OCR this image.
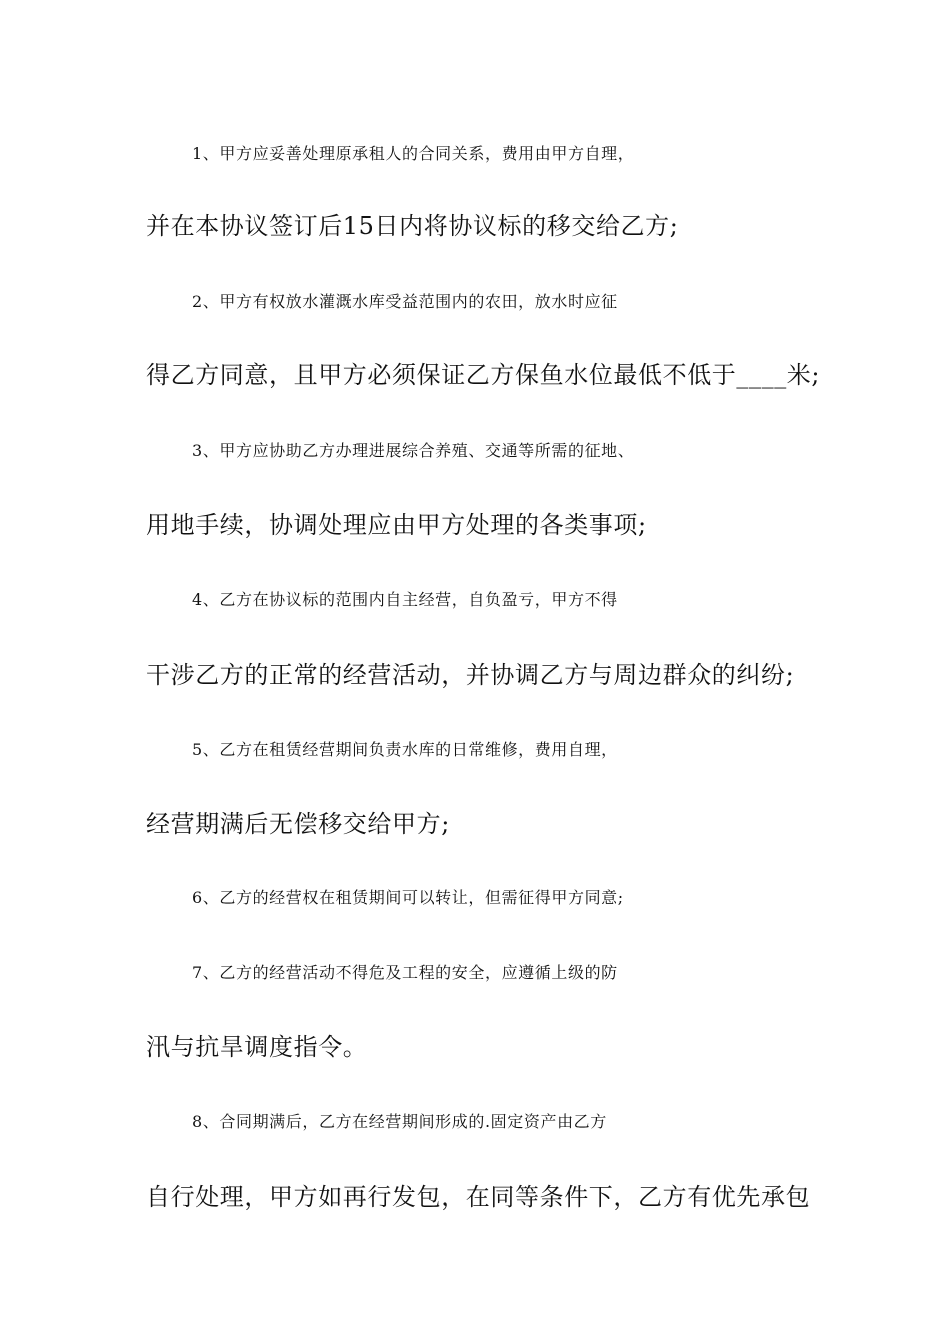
1、甲方应妥善处理原承租人的合同关系，费用由甲方自理，
并在本协议签订后15日内将协议标的移交给乙方;
2、甲方有权放水灌溉水库受益范围内的农田，放水时应征
得乙方同意，且甲方必须保证乙方保鱼水位最低不低于____米;
3、甲方应协助乙方办理进展综合养殖、交通等所需的征地、
用地手续，协调处理应由甲方处理的各类事项;
4、乙方在协议标的范围内自主经营，自负盈亏，甲方不得
干涉乙方的正常的经营活动，并协调乙方与周边群众的纠纷;
5、乙方在租赁经营期间负责水库的日常维修，费用自理，
经营期满后无偿移交给甲方;
6、乙方的经营权在租赁期间可以转让，但需征得甲方同意;
7、乙方的经营活动不得危及工程的安全，应遵循上级的防
汛与抗旱调度指令。
8、合同期满后，乙方在经营期间形成的.固定资产由乙方
自行处理，甲方如再行发包，在同等条件下，乙方有优先承包
